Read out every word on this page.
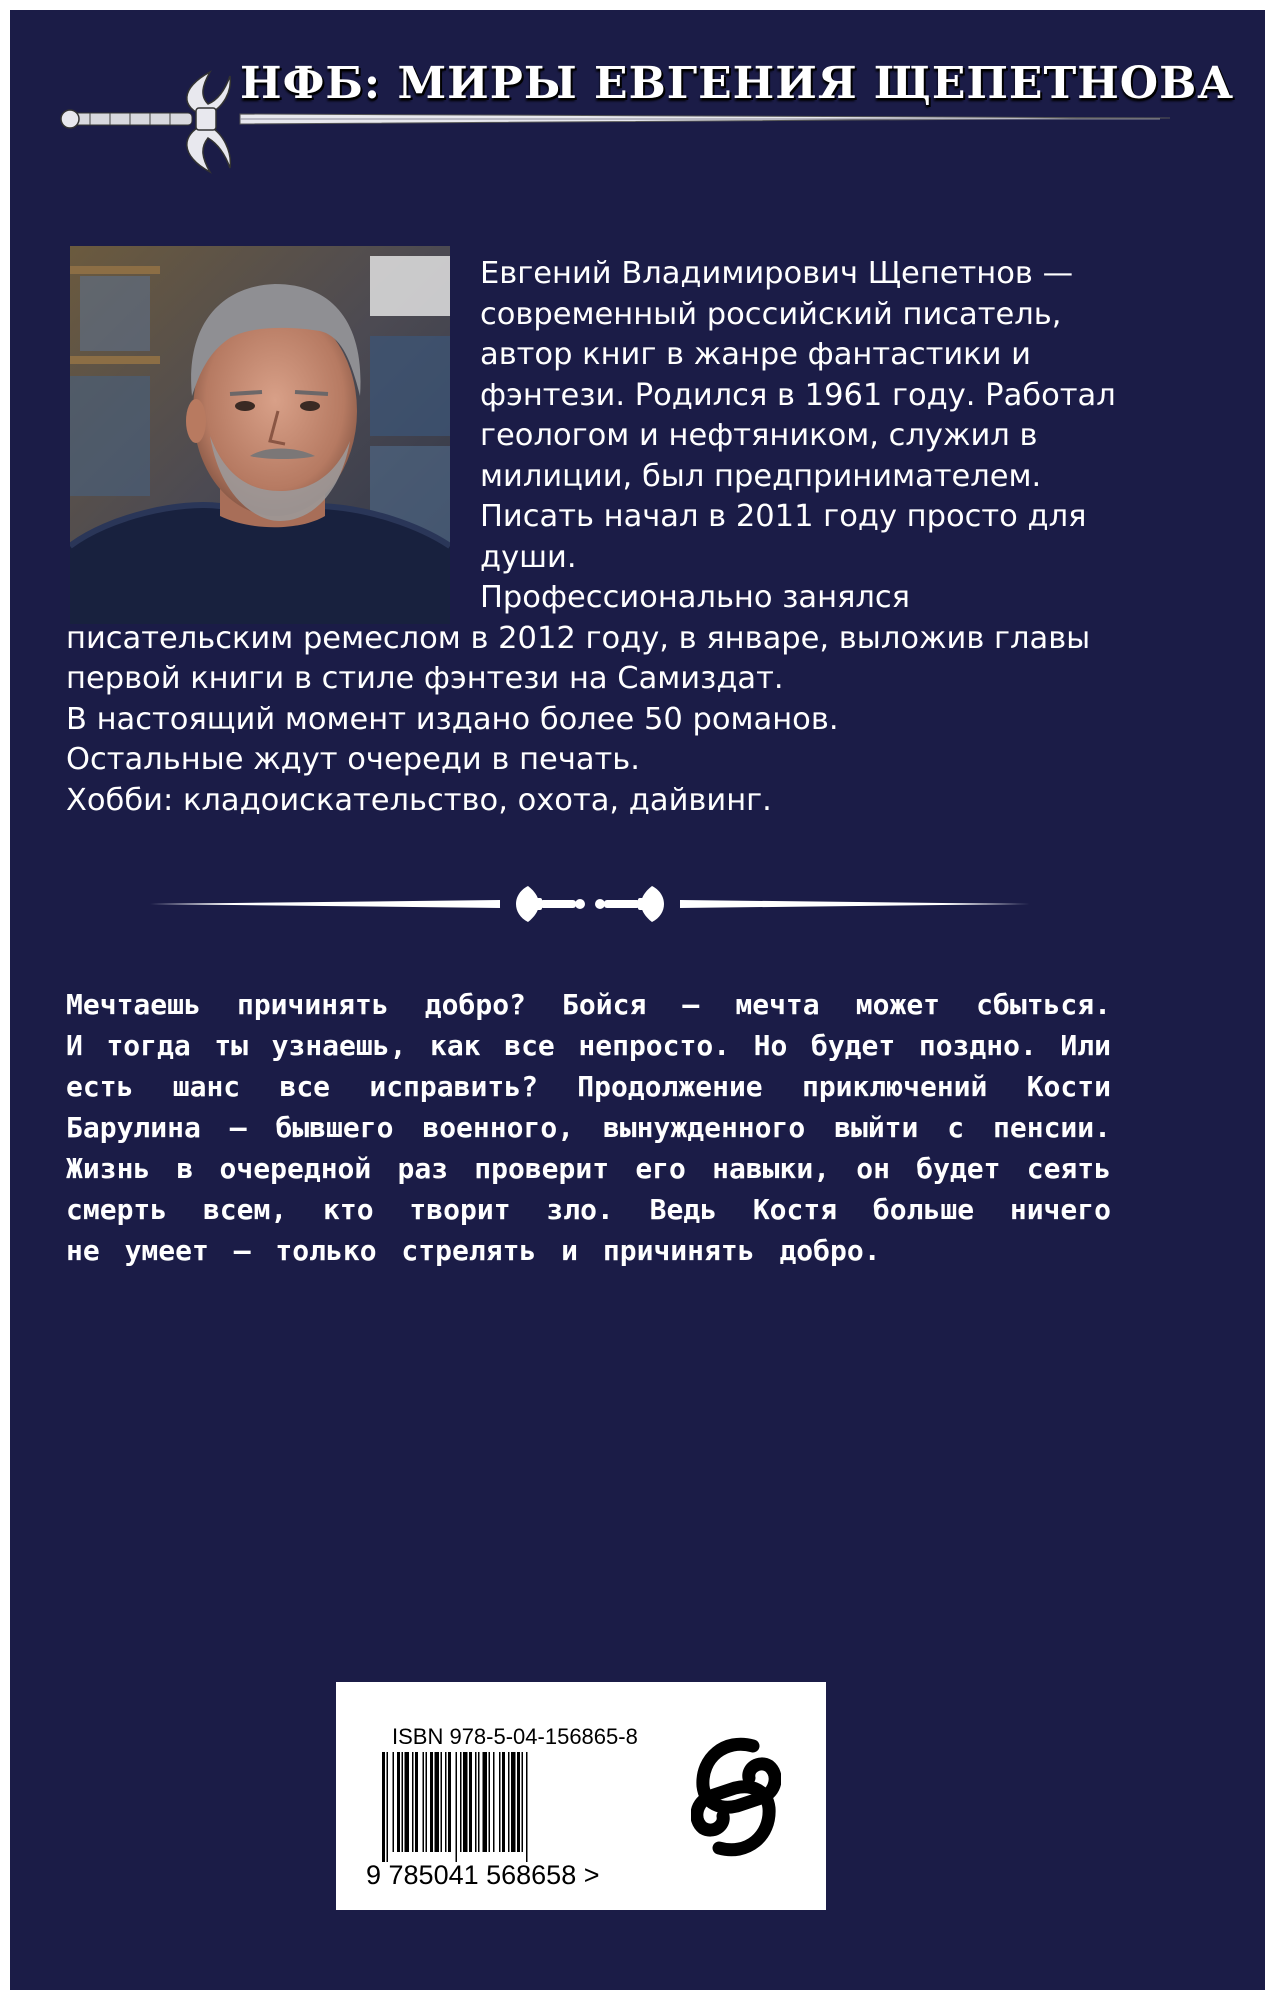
НФБ: МИРЫ ЕВГЕНИЯ ЩЕПЕТНОВА
Евгений Владимирович Щепетнов —
современный российский писатель,
автор книг в жанре фантастики и
фэнтези. Родился в 1961 году. Работал
геологом и нефтяником, служил в
милиции, был предпринимателем.
Писать начал в 2011 году просто для
души.
Профессионально занялся
писательским ремеслом в 2012 году, в январе, выложив главы
первой книги в стиле фэнтези на Самиздат.
В настоящий момент издано более 50 романов.
Остальные ждут очереди в печать.
Хобби: кладоискательство, охота, дайвинг.
Мечтаешь причинять добро? Бойся – мечта может сбыться.
И тогда ты узнаешь, как все непросто. Но будет поздно. Или
есть шанс все исправить? Продолжение приключений Кости
Барулина – бывшего военного, вынужденного выйти с пенсии.
Жизнь в очередной раз проверит его навыки, он будет сеять
смерть всем, кто творит зло. Ведь Костя больше ничего
не умеет – только стрелять и причинять добро.
ISBN 978-5-04-156865-8
9 785041 568658 >
